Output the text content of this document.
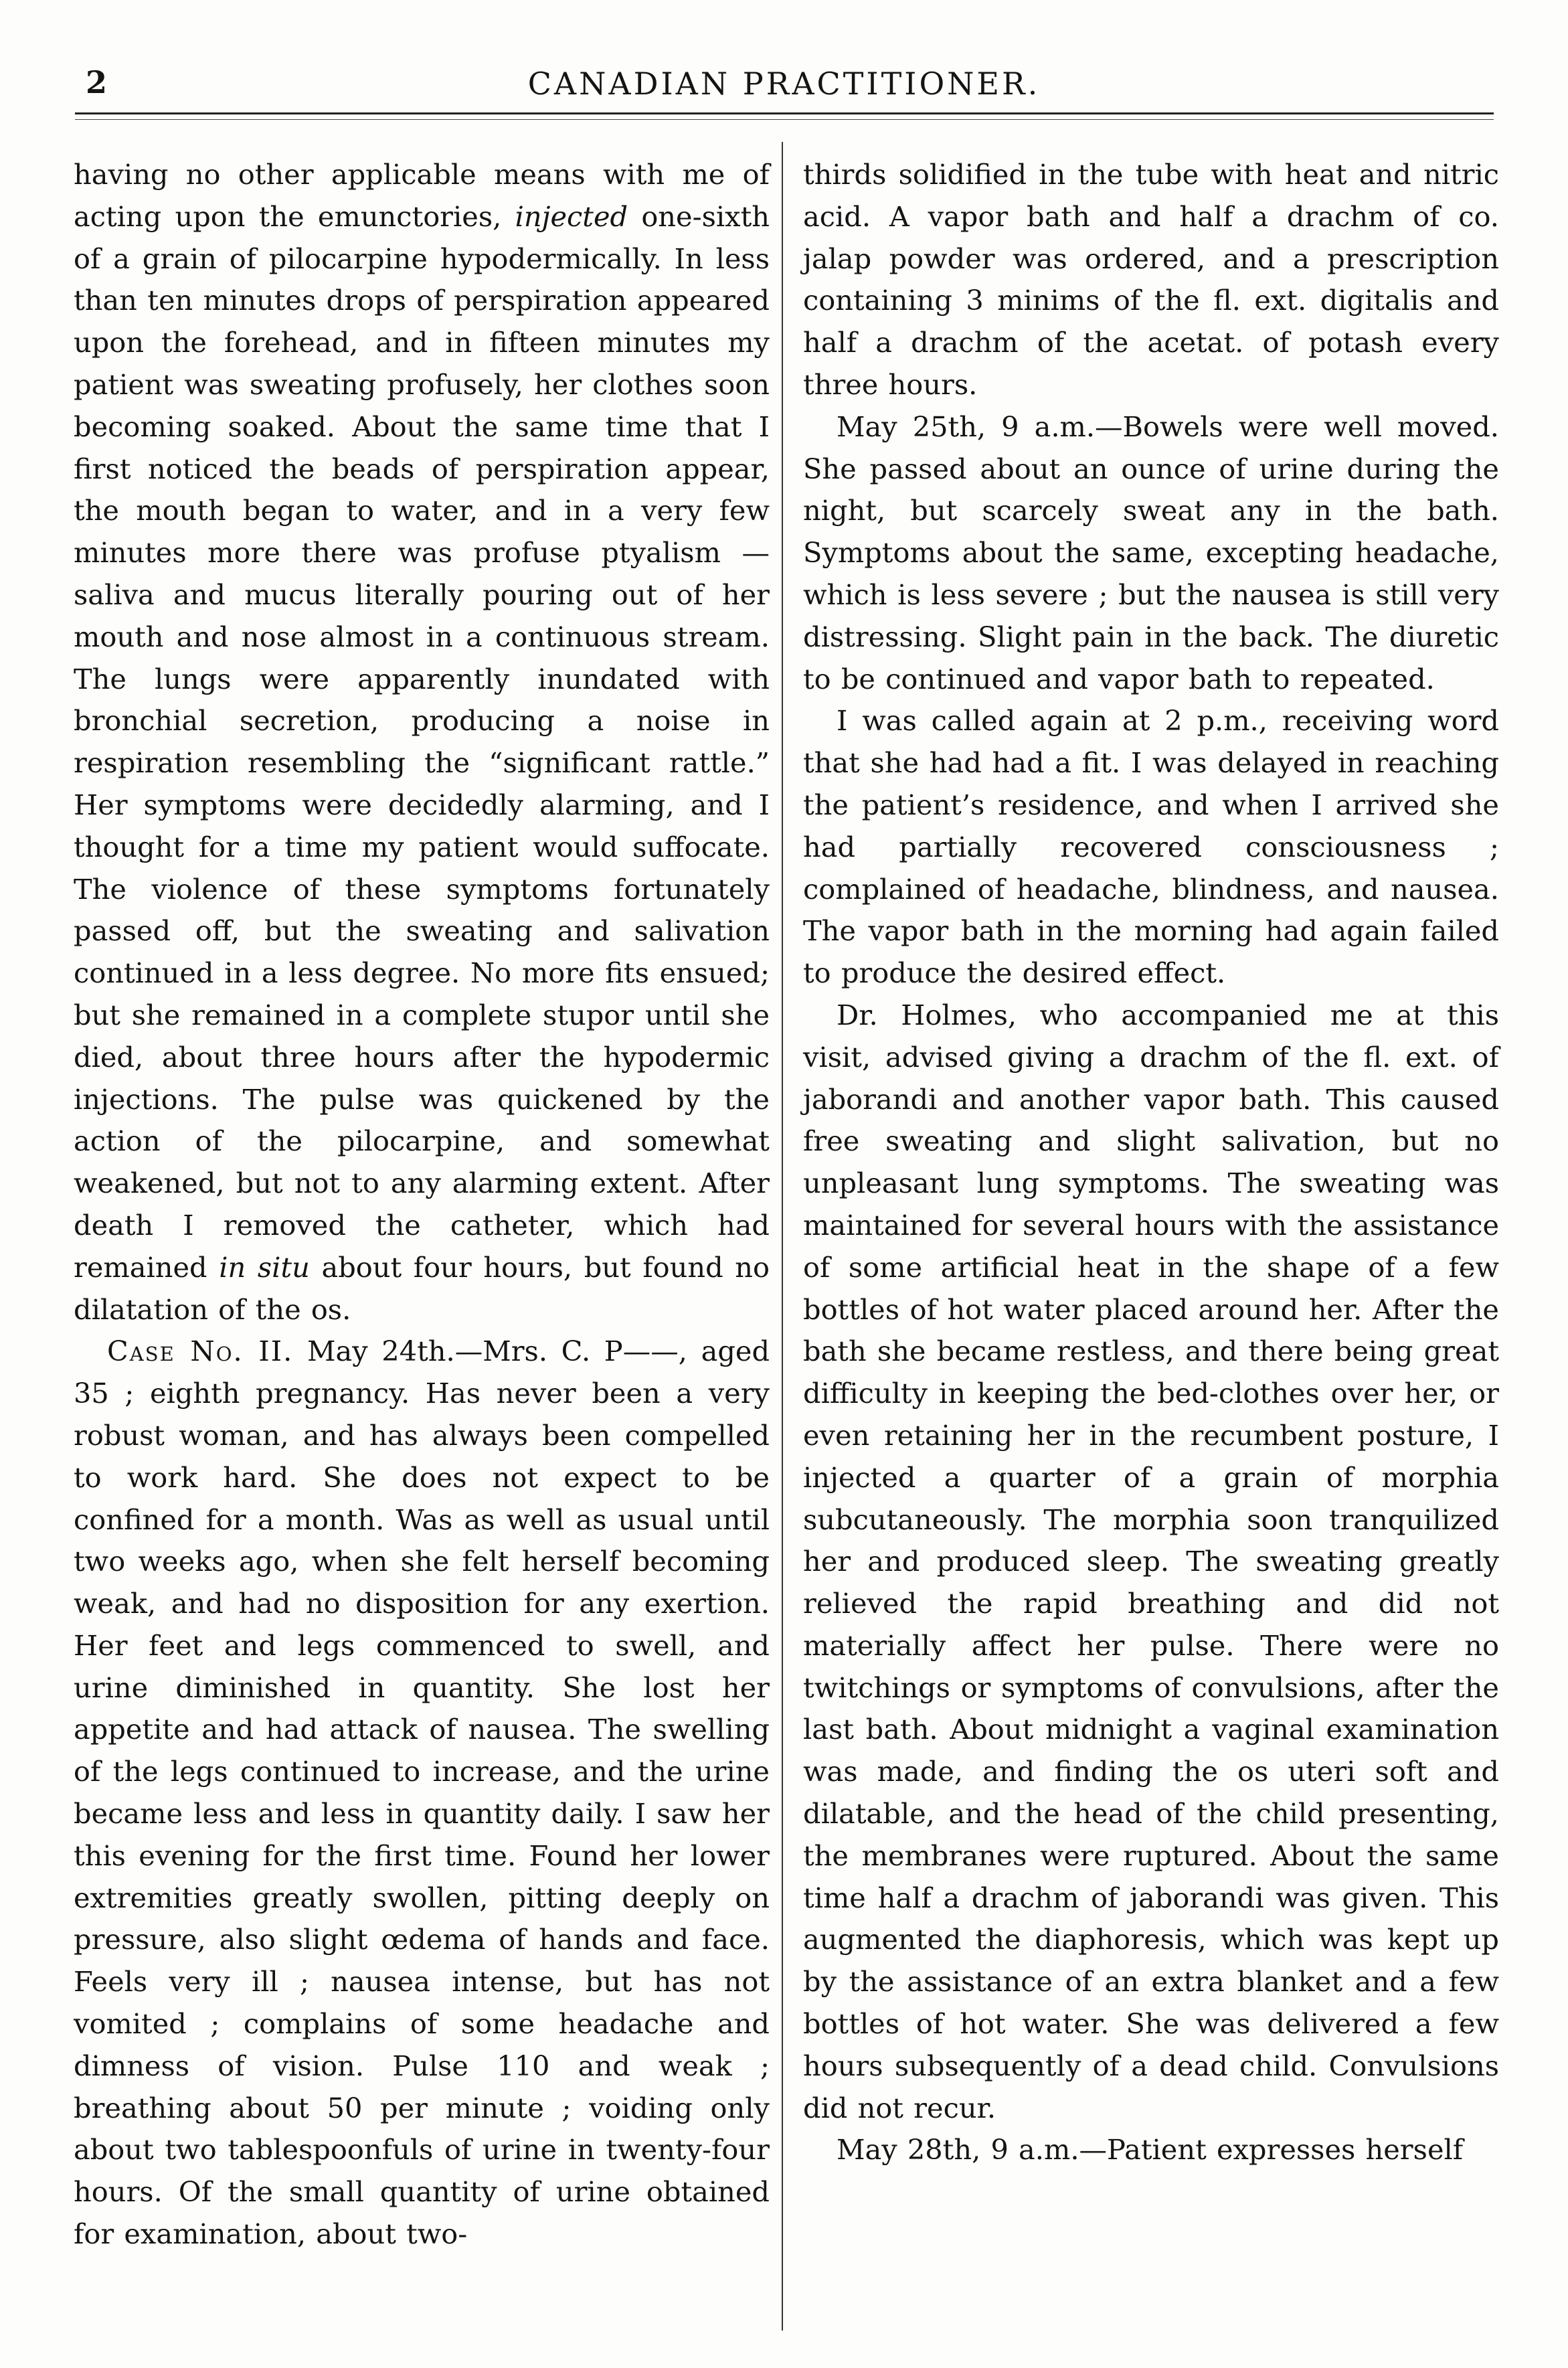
2	CANADIAN PRACTITIONER.

having no other applicable means with me of acting upon the emunctories, injected one-sixth of a grain of pilocarpine hypodermically. In less than ten minutes drops of perspiration appeared upon the forehead, and in fifteen minutes my patient was sweating profusely, her clothes soon becoming soaked. About the same time that I first noticed the beads of perspiration appear, the mouth began to water, and in a very few minutes more there was profuse ptyalism — saliva and mucus literally pouring out of her mouth and nose almost in a continuous stream. The lungs were apparently inundated with bronchial secretion, producing a noise in respiration resembling the “significant rattle.” Her symptoms were decidedly alarming, and I thought for a time my patient would suffocate. The violence of these symptoms fortunately passed off, but the sweating and salivation continued in a less degree. No more fits ensued; but she remained in a complete stupor until she died, about three hours after the hypodermic injections. The pulse was quickened by the action of the pilocarpine, and somewhat weakened, but not to any alarming extent. After death I removed the catheter, which had remained in situ about four hours, but found no dilatation of the os.

Case No. II. May 24th.—Mrs. C. P——, aged 35 ; eighth pregnancy. Has never been a very robust woman, and has always been compelled to work hard. She does not expect to be confined for a month. Was as well as usual until two weeks ago, when she felt herself becoming weak, and had no disposition for any exertion. Her feet and legs commenced to swell, and urine diminished in quantity. She lost her appetite and had attack of nausea. The swelling of the legs continued to increase, and the urine became less and less in quantity daily. I saw her this evening for the first time. Found her lower extremities greatly swollen, pitting deeply on pressure, also slight œdema of hands and face. Feels very ill ; nausea intense, but has not vomited ; complains of some headache and dimness of vision. Pulse 110 and weak ; breathing about 50 per minute ; voiding only about two tablespoonfuls of urine in twenty-four hours. Of the small quantity of urine obtained for examination, about two-

thirds solidified in the tube with heat and nitric acid. A vapor bath and half a drachm of co. jalap powder was ordered, and a prescription containing 3 minims of the fl. ext. digitalis and half a drachm of the acetat. of potash every three hours.

May 25th, 9 a.m.—Bowels were well moved. She passed about an ounce of urine during the night, but scarcely sweat any in the bath. Symptoms about the same, excepting headache, which is less severe ; but the nausea is still very distressing. Slight pain in the back. The diuretic to be continued and vapor bath to repeated.

I was called again at 2 p.m., receiving word that she had had a fit. I was delayed in reaching the patient’s residence, and when I arrived she had partially recovered consciousness ; complained of headache, blindness, and nausea. The vapor bath in the morning had again failed to produce the desired effect.

Dr. Holmes, who accompanied me at this visit, advised giving a drachm of the fl. ext. of jaborandi and another vapor bath. This caused free sweating and slight salivation, but no unpleasant lung symptoms. The sweating was maintained for several hours with the assistance of some artificial heat in the shape of a few bottles of hot water placed around her. After the bath she became restless, and there being great difficulty in keeping the bed-clothes over her, or even retaining her in the recumbent posture, I injected a quarter of a grain of morphia subcutaneously. The morphia soon tranquilized her and produced sleep. The sweating greatly relieved the rapid breathing and did not materially affect her pulse. There were no twitchings or symptoms of convulsions, after the last bath. About midnight a vaginal examination was made, and finding the os uteri soft and dilatable, and the head of the child presenting, the membranes were ruptured. About the same time half a drachm of jaborandi was given. This augmented the diaphoresis, which was kept up by the assistance of an extra blanket and a few bottles of hot water. She was delivered a few hours subsequently of a dead child. Convulsions did not recur.

May 28th, 9 a.m.—Patient expresses herself
